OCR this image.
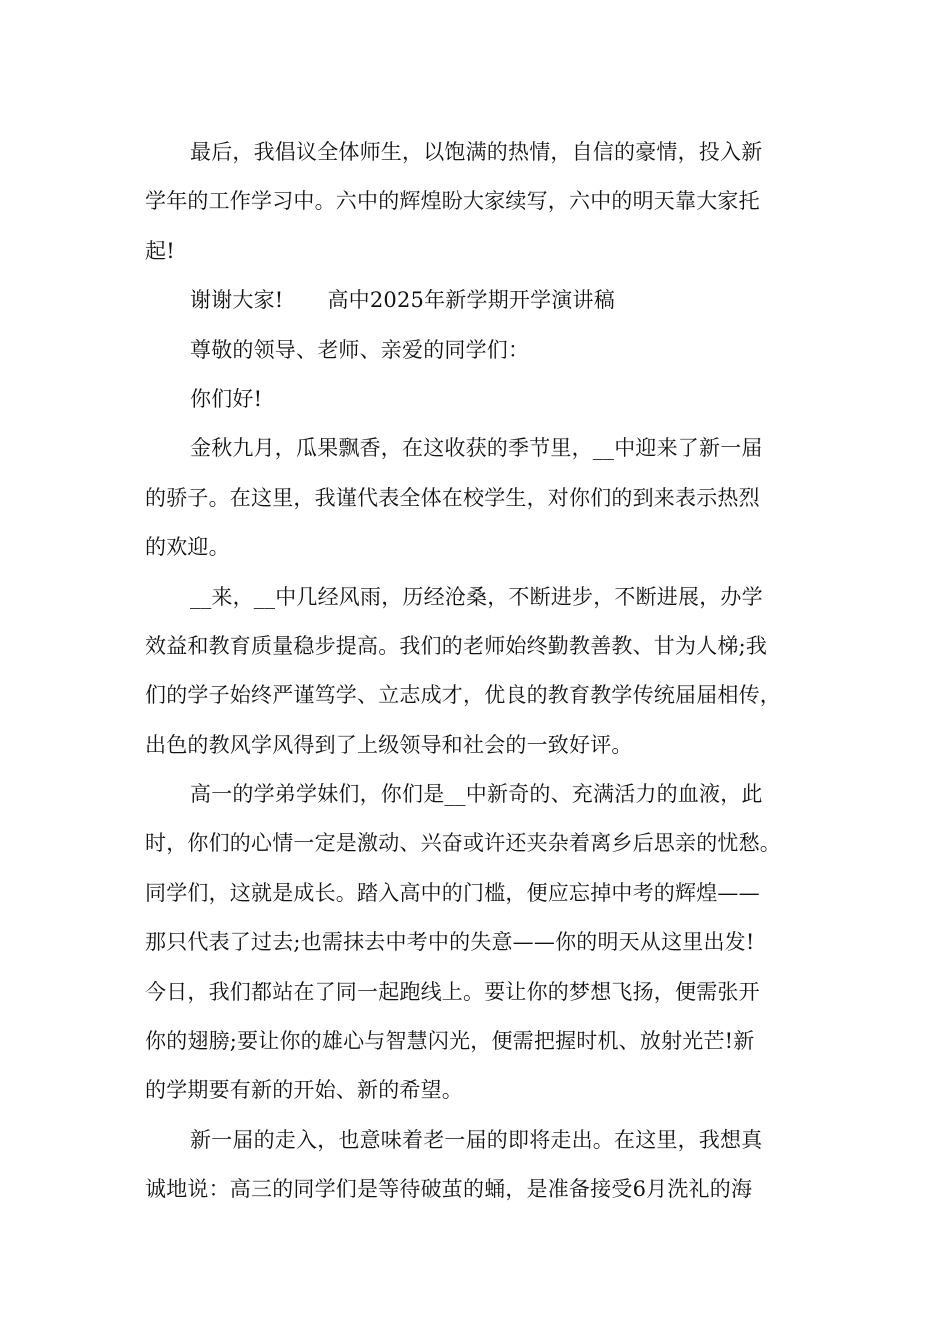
最后，我倡议全体师生，以饱满的热情，自信的豪情，投入新
学年的工作学习中。六中的辉煌盼大家续写，六中的明天靠大家托
起!
谢谢大家! 高中2025年新学期开学演讲稿
尊敬的领导、老师、亲爱的同学们：
你们好!
金秋九月，瓜果飘香，在这收获的季节里，__中迎来了新一届
的骄子。在这里，我谨代表全体在校学生，对你们的到来表示热烈
的欢迎。
__来，__中几经风雨，历经沧桑，不断进步，不断进展，办学
效益和教育质量稳步提高。我们的老师始终勤教善教、甘为人梯;我
们的学子始终严谨笃学、立志成才，优良的教育教学传统届届相传，
出色的教风学风得到了上级领导和社会的一致好评。
高一的学弟学妹们，你们是__中新奇的、充满活力的血液，此
时，你们的心情一定是激动、兴奋或许还夹杂着离乡后思亲的忧愁。
同学们，这就是成长。踏入高中的门槛，便应忘掉中考的辉煌——
那只代表了过去;也需抹去中考中的失意——你的明天从这里出发!
今日，我们都站在了同一起跑线上。要让你的梦想飞扬，便需张开
你的翅膀;要让你的雄心与智慧闪光，便需把握时机、放射光芒!新
的学期要有新的开始、新的希望。
新一届的走入，也意味着老一届的即将走出。在这里，我想真
诚地说：高三的同学们是等待破茧的蛹，是准备接受6月洗礼的海
